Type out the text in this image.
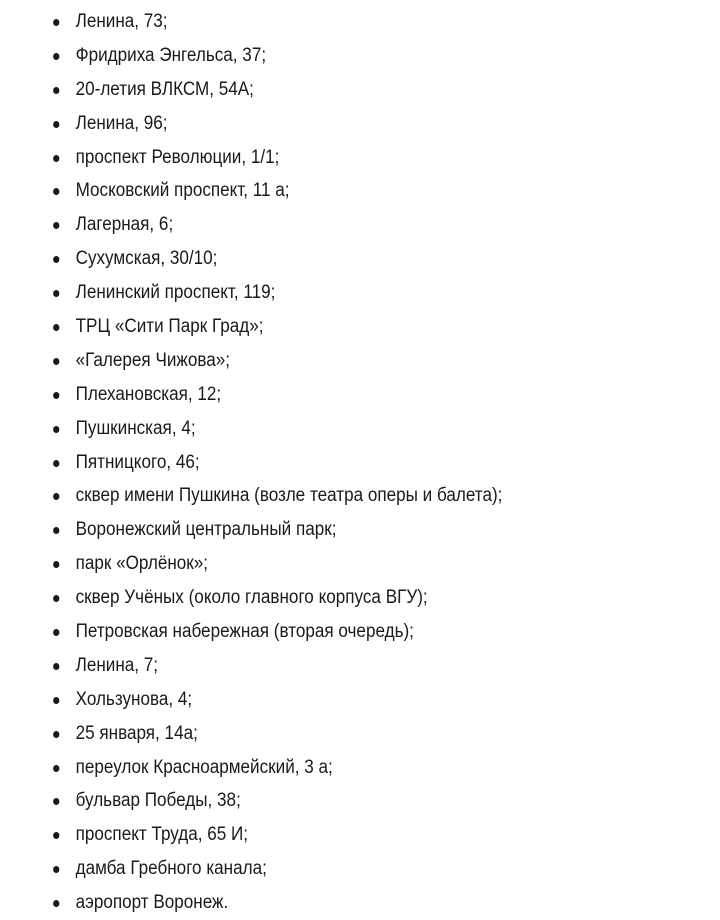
Ленина, 73;
Фридриха Энгельса, 37;
20-летия ВЛКСМ, 54А;
Ленина, 96;
проспект Революции, 1/1;
Московский проспект, 11 а;
Лагерная, 6;
Сухумская, 30/10;
Ленинский проспект, 119;
ТРЦ «Сити Парк Град»;
«Галерея Чижова»;
Плехановская, 12;
Пушкинская, 4;
Пятницкого, 46;
сквер имени Пушкина (возле театра оперы и балета);
Воронежский центральный парк;
парк «Орлёнок»;
сквер Учёных (около главного корпуса ВГУ);
Петровская набережная (вторая очередь);
Ленина, 7;
Хользунова, 4;
25 января, 14а;
переулок Красноармейский, 3 а;
бульвар Победы, 38;
проспект Труда, 65 И;
дамба Гребного канала;
аэропорт Воронеж.
